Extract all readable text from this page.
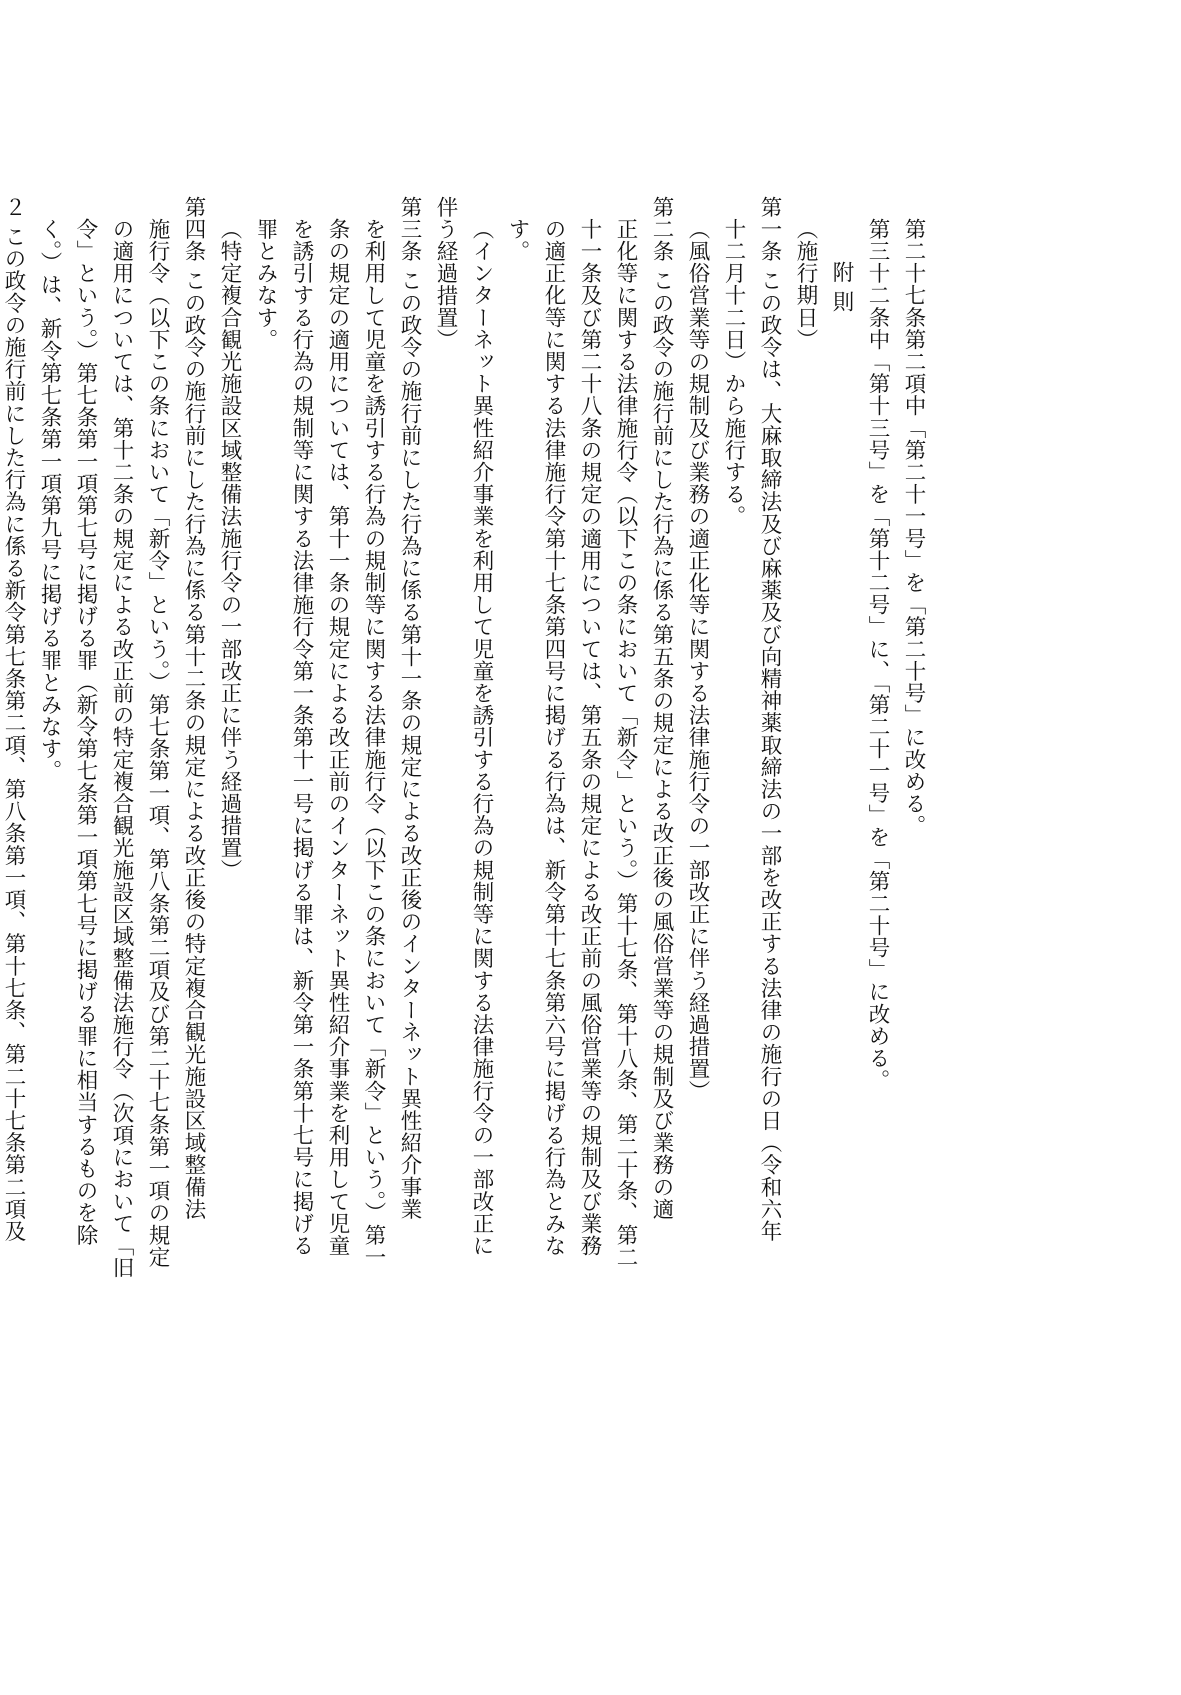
第二十七条第二項中「第二十一号」を「第二十号」に改める。
第三十二条中「第十三号」を「第十二号」に、「第二十一号」を「第二十号」に改める。
附 則
（施行期日）
第一条 この政令は、大麻取締法及び麻薬及び向精神薬取締法の一部を改正する法律の施行の日（令和六年
十二月十二日）から施行する。
（風俗営業等の規制及び業務の適正化等に関する法律施行令の一部改正に伴う経過措置）
第二条 この政令の施行前にした行為に係る第五条の規定による改正後の風俗営業等の規制及び業務の適
正化等に関する法律施行令（以下この条において「新令」という。）第十七条、第十八条、第二十条、第二
十一条及び第二十八条の規定の適用については、第五条の規定による改正前の風俗営業等の規制及び業務
の適正化等に関する法律施行令第十七条第四号に掲げる行為は、新令第十七条第六号に掲げる行為とみな
す。
（インターネット異性紹介事業を利用して児童を誘引する行為の規制等に関する法律施行令の一部改正に
伴う経過措置）
第三条 この政令の施行前にした行為に係る第十一条の規定による改正後のインターネット異性紹介事業
を利用して児童を誘引する行為の規制等に関する法律施行令（以下この条において「新令」という。）第一
条の規定の適用については、第十一条の規定による改正前のインターネット異性紹介事業を利用して児童
を誘引する行為の規制等に関する法律施行令第一条第十一号に掲げる罪は、新令第一条第十七号に掲げる
罪とみなす。
（特定複合観光施設区域整備法施行令の一部改正に伴う経過措置）
第四条 この政令の施行前にした行為に係る第十二条の規定による改正後の特定複合観光施設区域整備法
施行令（以下この条において「新令」という。）第七条第一項、第八条第二項及び第二十七条第一項の規定
の適用については、第十二条の規定による改正前の特定複合観光施設区域整備法施行令（次項において「旧
令」という。）第七条第一項第七号に掲げる罪（新令第七条第一項第七号に掲げる罪に相当するものを除
く。）は、新令第七条第一項第九号に掲げる罪とみなす。
２ この政令の施行前にした行為に係る新令第七条第二項、第八条第一項、第十七条、第二十七条第二項及
